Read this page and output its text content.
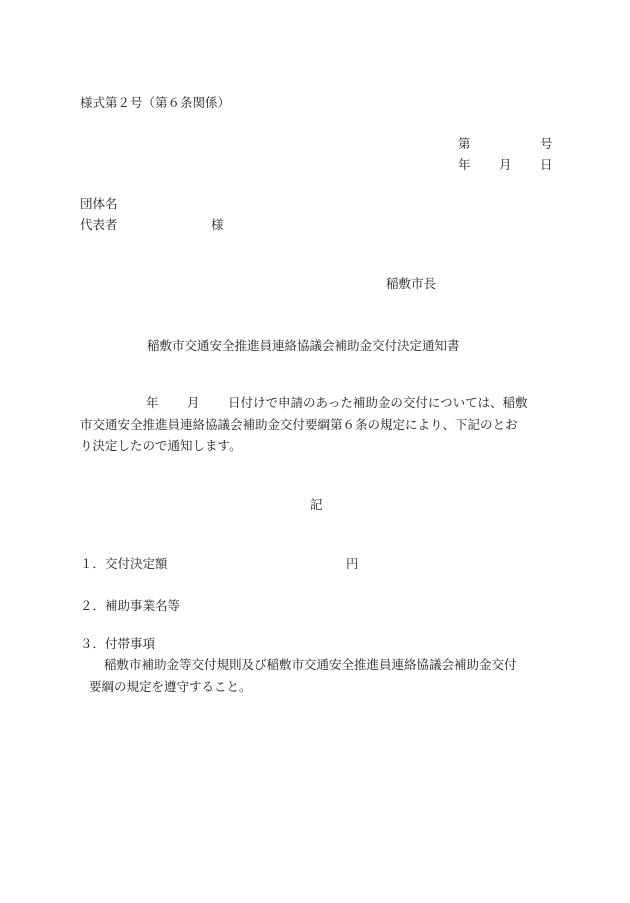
様式第２号（第６条関係）
第	号
年 月 日
団体名
代表者	様
稲敷市長
稲敷市交通安全推進員連絡協議会補助金交付決定通知書
年 月 日付けで申請のあった補助金の交付については、稲敷
市交通安全推進員連絡協議会補助金交付要綱第６条の規定により、下記のとお
り決定したので通知します。
記
１．交付決定額	円
２．補助事業名等
３．付帯事項
稲敷市補助金等交付規則及び稲敷市交通安全推進員連絡協議会補助金交付
要綱の規定を遵守すること。
